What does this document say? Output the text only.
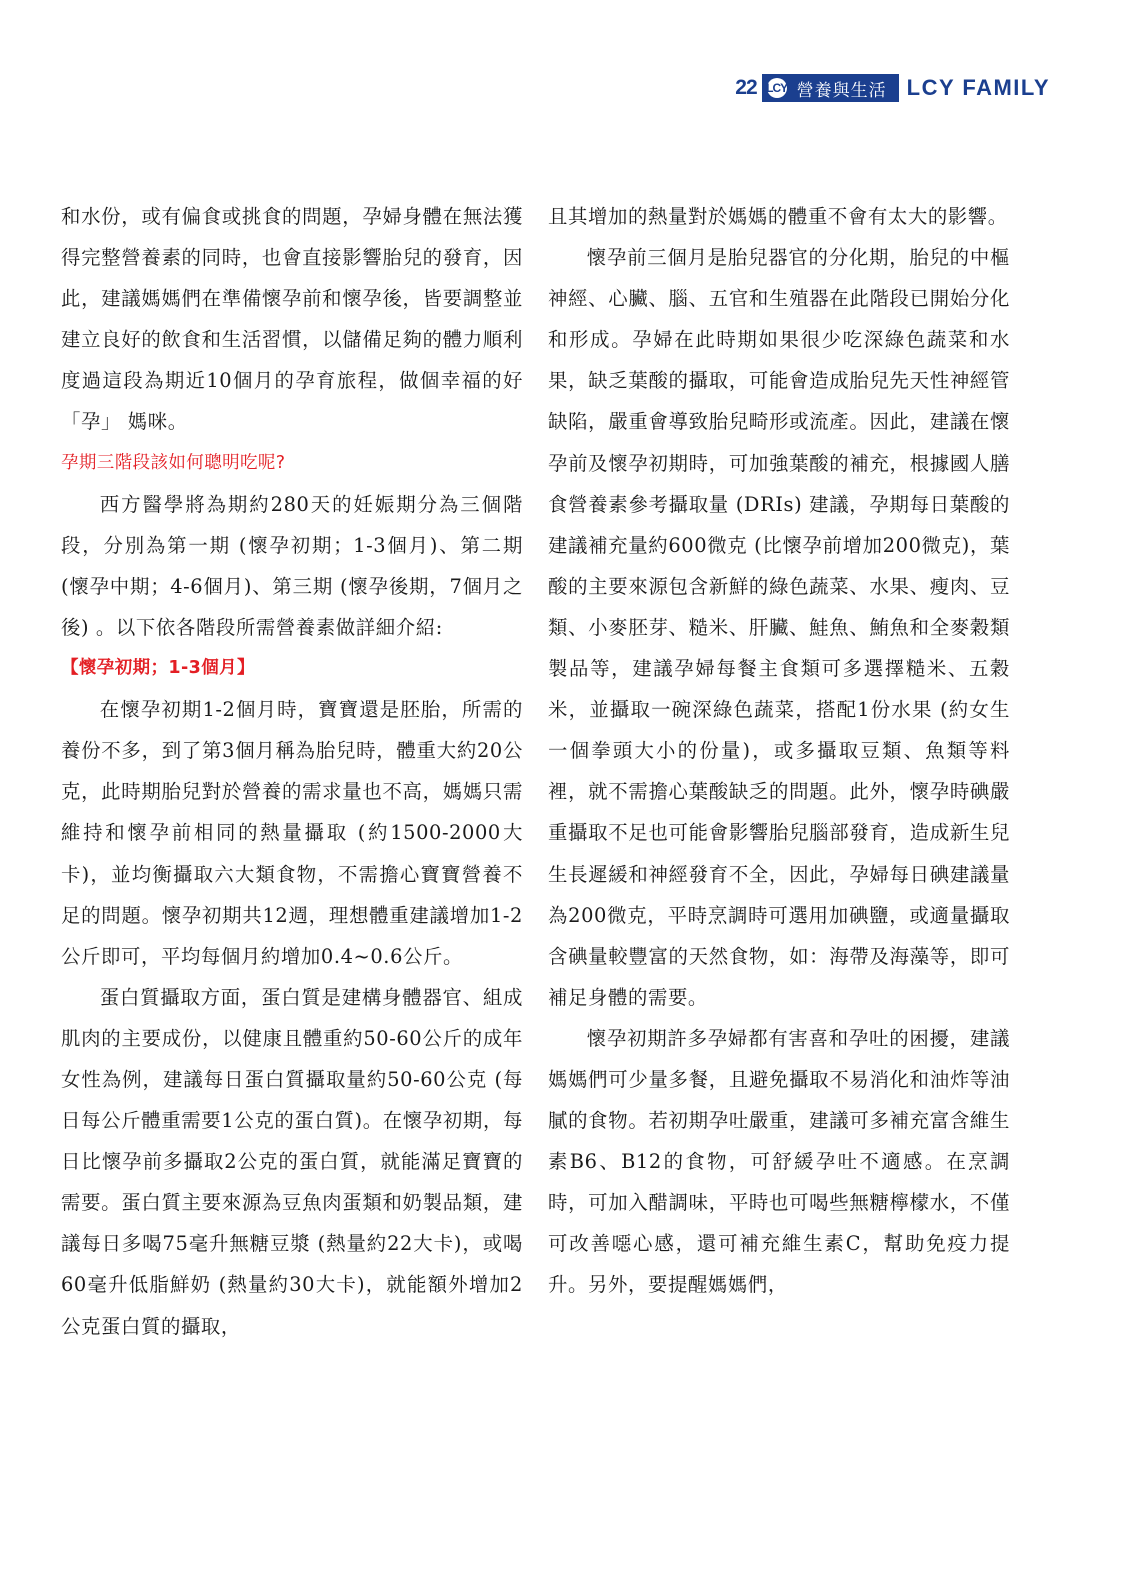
22 LCY 營養與生活 LCY FAMILY

和水份，或有偏食或挑食的問題，孕婦身體在無法獲得完整營養素的同時，也會直接影響胎兒的發育，因此，建議媽媽們在準備懷孕前和懷孕後，皆要調整並建立良好的飲食和生活習慣，以儲備足夠的體力順利度過這段為期近10個月的孕育旅程，做個幸福的好「孕」 媽咪。

孕期三階段該如何聰明吃呢?

西方醫學將為期約280天的妊娠期分為三個階段，分別為第一期 (懷孕初期；1-3個月)、第二期 (懷孕中期；4-6個月)、第三期 (懷孕後期，7個月之後) 。以下依各階段所需營養素做詳細介紹:

【懷孕初期；1-3個月】

在懷孕初期1-2個月時，寶寶還是胚胎，所需的養份不多，到了第3個月稱為胎兒時，體重大約20公克，此時期胎兒對於營養的需求量也不高，媽媽只需維持和懷孕前相同的熱量攝取 (約1500-2000大卡)，並均衡攝取六大類食物，不需擔心寶寶營養不足的問題。懷孕初期共12週，理想體重建議增加1-2公斤即可，平均每個月約增加0.4~0.6公斤。

蛋白質攝取方面，蛋白質是建構身體器官、組成肌肉的主要成份，以健康且體重約50-60公斤的成年女性為例，建議每日蛋白質攝取量約50-60公克 (每日每公斤體重需要1公克的蛋白質)。在懷孕初期，每日比懷孕前多攝取2公克的蛋白質，就能滿足寶寶的需要。蛋白質主要來源為豆魚肉蛋類和奶製品類，建議每日多喝75毫升無糖豆漿 (熱量約22大卡)，或喝60毫升低脂鮮奶 (熱量約30大卡)，就能額外增加2公克蛋白質的攝取，

且其增加的熱量對於媽媽的體重不會有太大的影響。

懷孕前三個月是胎兒器官的分化期，胎兒的中樞神經、心臟、腦、五官和生殖器在此階段已開始分化和形成。孕婦在此時期如果很少吃深綠色蔬菜和水果，缺乏葉酸的攝取，可能會造成胎兒先天性神經管缺陷，嚴重會導致胎兒畸形或流產。因此，建議在懷孕前及懷孕初期時，可加強葉酸的補充，根據國人膳食營養素參考攝取量 (DRIs) 建議，孕期每日葉酸的建議補充量約600微克 (比懷孕前增加200微克)，葉酸的主要來源包含新鮮的綠色蔬菜、水果、瘦肉、豆類、小麥胚芽、糙米、肝臟、鮭魚、鮪魚和全麥穀類製品等，建議孕婦每餐主食類可多選擇糙米、五穀米，並攝取一碗深綠色蔬菜，搭配1份水果 (約女生一個拳頭大小的份量)，或多攝取豆類、魚類等料裡，就不需擔心葉酸缺乏的問題。此外，懷孕時碘嚴重攝取不足也可能會影響胎兒腦部發育，造成新生兒生長遲緩和神經發育不全，因此，孕婦每日碘建議量為200微克，平時烹調時可選用加碘鹽，或適量攝取含碘量較豐富的天然食物，如：海帶及海藻等，即可補足身體的需要。

懷孕初期許多孕婦都有害喜和孕吐的困擾，建議媽媽們可少量多餐，且避免攝取不易消化和油炸等油膩的食物。若初期孕吐嚴重，建議可多補充富含維生素B6、B12的食物，可舒緩孕吐不適感。在烹調時，可加入醋調味，平時也可喝些無糖檸檬水，不僅可改善噁心感，還可補充維生素C，幫助免疫力提升。另外，要提醒媽媽們，
